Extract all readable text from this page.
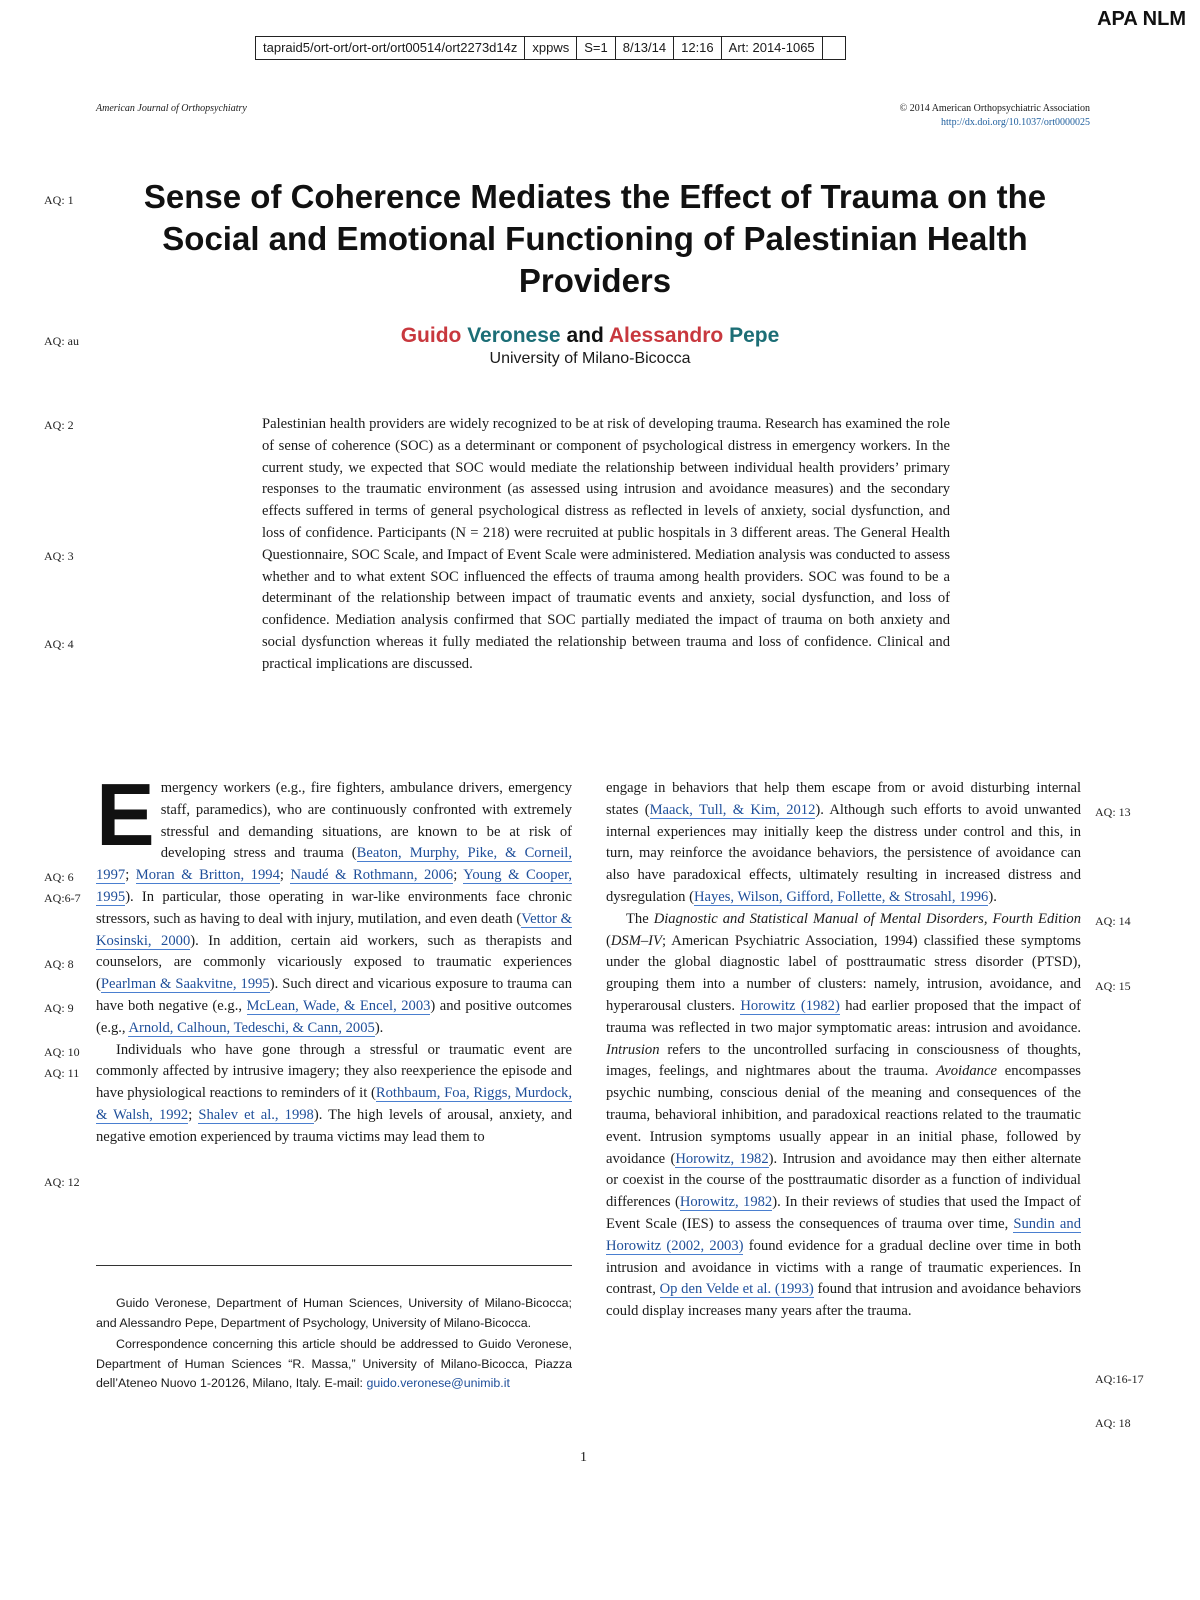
APA NLM
tapraid5/ort-ort/ort-ort/ort00514/ort2273d14z	xppws	S=1	8/13/14	12:16	Art: 2014-1065
American Journal of Orthopsychiatry	© 2014 American Orthopsychiatric Association
http://dx.doi.org/10.1037/ort0000025
AQ: 1
AQ: au
AQ: 2
AQ: 3
AQ: 4
AQ: 6
AQ:6-7
AQ: 8
AQ: 9
AQ: 10
AQ: 11
AQ: 12
AQ: 13
AQ: 14
AQ: 15
AQ:16-17
AQ: 18
Sense of Coherence Mediates the Effect of Trauma on the Social and Emotional Functioning of Palestinian Health Providers
Guido Veronese and Alessandro Pepe
University of Milano-Bicocca
Palestinian health providers are widely recognized to be at risk of developing trauma. Research has examined the role of sense of coherence (SOC) as a determinant or component of psychological distress in emergency workers. In the current study, we expected that SOC would mediate the relationship between individual health providers’ primary responses to the traumatic environment (as assessed using intrusion and avoidance measures) and the secondary effects suffered in terms of general psychological distress as reflected in levels of anxiety, social dysfunction, and loss of confidence. Participants (N = 218) were recruited at public hospitals in 3 different areas. The General Health Questionnaire, SOC Scale, and Impact of Event Scale were administered. Mediation analysis was conducted to assess whether and to what extent SOC influenced the effects of trauma among health providers. SOC was found to be a determinant of the relationship between impact of traumatic events and anxiety, social dysfunction, and loss of confidence. Mediation analysis confirmed that SOC partially mediated the impact of trauma on both anxiety and social dysfunction whereas it fully mediated the relationship between trauma and loss of confidence. Clinical and practical implications are discussed.

Emergency workers (e.g., fire fighters, ambulance drivers, emergency staff, paramedics), who are continuously confronted with extremely stressful and demanding situations, are known to be at risk of developing stress and trauma (Beaton, Murphy, Pike, & Corneil, 1997; Moran & Britton, 1994; Naudé & Rothmann, 2006; Young & Cooper, 1995). In particular, those operating in war-like environments face chronic stressors, such as having to deal with injury, mutilation, and even death (Vettor & Kosinski, 2000). In addition, certain aid workers, such as therapists and counselors, are commonly vicariously exposed to traumatic experiences (Pearlman & Saakvitne, 1995). Such direct and vicarious exposure to trauma can have both negative (e.g., McLean, Wade, & Encel, 2003) and positive outcomes (e.g., Arnold, Calhoun, Tedeschi, & Cann, 2005).

Individuals who have gone through a stressful or traumatic event are commonly affected by intrusive imagery; they also reexperience the episode and have physiological reactions to reminders of it (Rothbaum, Foa, Riggs, Murdock, & Walsh, 1992; Shalev et al., 1998). The high levels of arousal, anxiety, and negative emotion experienced by trauma victims may lead them to

Guido Veronese, Department of Human Sciences, University of Milano-Bicocca; and Alessandro Pepe, Department of Psychology, University of Milano-Bicocca.

Correspondence concerning this article should be addressed to Guido Veronese, Department of Human Sciences “R. Massa,” University of Milano-Bicocca, Piazza dell’Ateneo Nuovo 1-20126, Milano, Italy. E-mail: guido.veronese@unimib.it

engage in behaviors that help them escape from or avoid disturbing internal states (Maack, Tull, & Kim, 2012). Although such efforts to avoid unwanted internal experiences may initially keep the distress under control and this, in turn, may reinforce the avoidance behaviors, the persistence of avoidance can also have paradoxical effects, ultimately resulting in increased distress and dysregulation (Hayes, Wilson, Gifford, Follette, & Strosahl, 1996).

The Diagnostic and Statistical Manual of Mental Disorders, Fourth Edition (DSM–IV; American Psychiatric Association, 1994) classified these symptoms under the global diagnostic label of posttraumatic stress disorder (PTSD), grouping them into a number of clusters: namely, intrusion, avoidance, and hyperarousal clusters. Horowitz (1982) had earlier proposed that the impact of trauma was reflected in two major symptomatic areas: intrusion and avoidance. Intrusion refers to the uncontrolled surfacing in consciousness of thoughts, images, feelings, and nightmares about the trauma. Avoidance encompasses psychic numbing, conscious denial of the meaning and consequences of the trauma, behavioral inhibition, and paradoxical reactions related to the traumatic event. Intrusion symptoms usually appear in an initial phase, followed by avoidance (Horowitz, 1982). Intrusion and avoidance may then either alternate or coexist in the course of the posttraumatic disorder as a function of individual differences (Horowitz, 1982). In their reviews of studies that used the Impact of Event Scale (IES) to assess the consequences of trauma over time, Sundin and Horowitz (2002, 2003) found evidence for a gradual decline over time in both intrusion and avoidance in victims with a range of traumatic experiences. In contrast, Op den Velde et al. (1993) found that intrusion and avoidance behaviors could display increases many years after the trauma.

1
